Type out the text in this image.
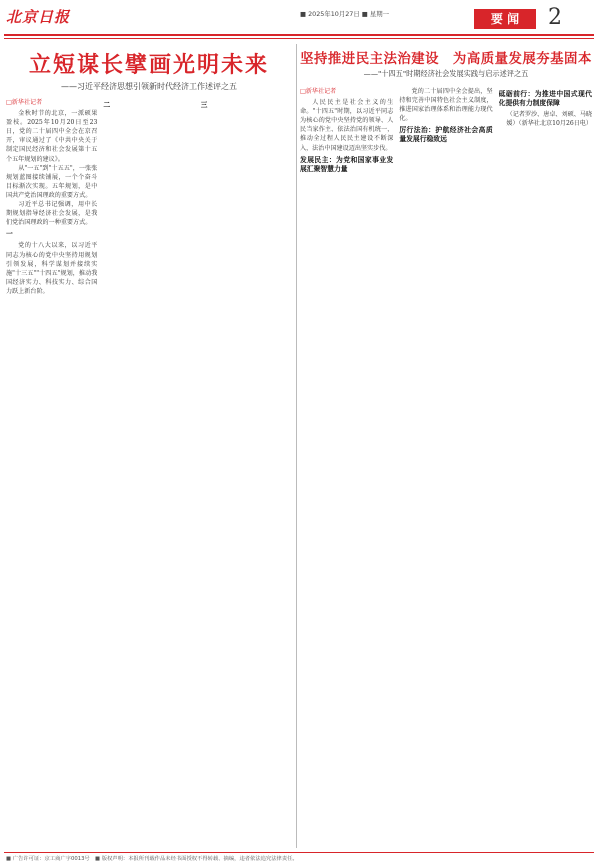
北京日报	■ 2025年10月27日 ■ 星期一	要 闻	2
立短谋长擘画光明未来
——习近平经济思想引领新时代经济工作述评之五
□新华社记者

金秋时节的北京，一派硕果盈枝。2025年10月20日至23日，党的二十届四中全会在京召开，审议通过了《中共中央关于制定国民经济和社会发展第十五个五年规划的建议》。

从"一五"到"十五五"，一张张规划蓝图接续铺展，一个个奋斗目标渐次实现。五年规划，是中国共产党治国理政的重要方式。

习近平总书记强调，用中长期规划指导经济社会发展，是我们党治国理政的一种重要方式。

一

党的十八大以来，以习近平同志为核心的党中央坚持用规划引领发展，科学谋划并接续实施"十三五""十四五"规划，推动我国经济实力、科技实力、综合国力跃上新台阶。

二	三
坚持推进民主法治建设　为高质量发展夯基固本
——"十四五"时期经济社会发展实践与启示述评之五
□新华社记者

人民民主是社会主义的生命。"十四五"时期，以习近平同志为核心的党中央坚持党的领导、人民当家作主、依法治国有机统一，推动全过程人民民主建设不断深入，法治中国建设迈出坚实步伐。

发展民主：为党和国家事业发展汇聚智慧力量

党的二十届四中全会提出，坚持和完善中国特色社会主义制度，推进国家治理体系和治理能力现代化。

厉行法治：护航经济社会高质量发展行稳致远
砥砺前行：为推进中国式现代化提供有力制度保障
（记者罗沙、唐卓、刘硕、马晓媛）（新华社北京10月26日电）
■ 广告许可证：京工商广字0013号　■ 版权声明：本报所刊载作品未经书面授权不得转载、摘编，违者依法追究法律责任。
